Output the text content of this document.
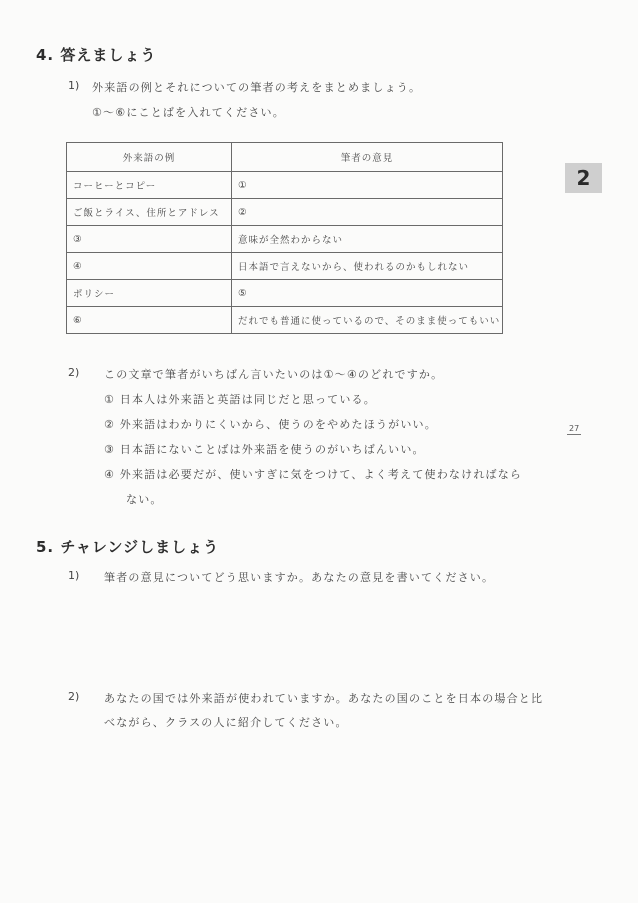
4. 答えましょう
1) 外来語の例とそれについての筆者の考えをまとめましょう。
①〜⑥にことばを入れてください。
外来語の例	筆者の意見
コーヒーとコピー	①
ご飯とライス、住所とアドレス	②
③	意味が全然わからない
④	日本語で言えないから、使われるのかもしれない
ポリシー	⑤
⑥	だれでも普通に使っているので、そのまま使ってもいい
2
2) この文章で筆者がいちばん言いたいのは①〜④のどれですか。
① 日本人は外来語と英語は同じだと思っている。
② 外来語はわかりにくいから、使うのをやめたほうがいい。
③ 日本語にないことばは外来語を使うのがいちばんいい。
④ 外来語は必要だが、使いすぎに気をつけて、よく考えて使わなければなら
ない。
27
5. チャレンジしましょう
1) 筆者の意見についてどう思いますか。あなたの意見を書いてください。
2) あなたの国では外来語が使われていますか。あなたの国のことを日本の場合と比
べながら、クラスの人に紹介してください。
